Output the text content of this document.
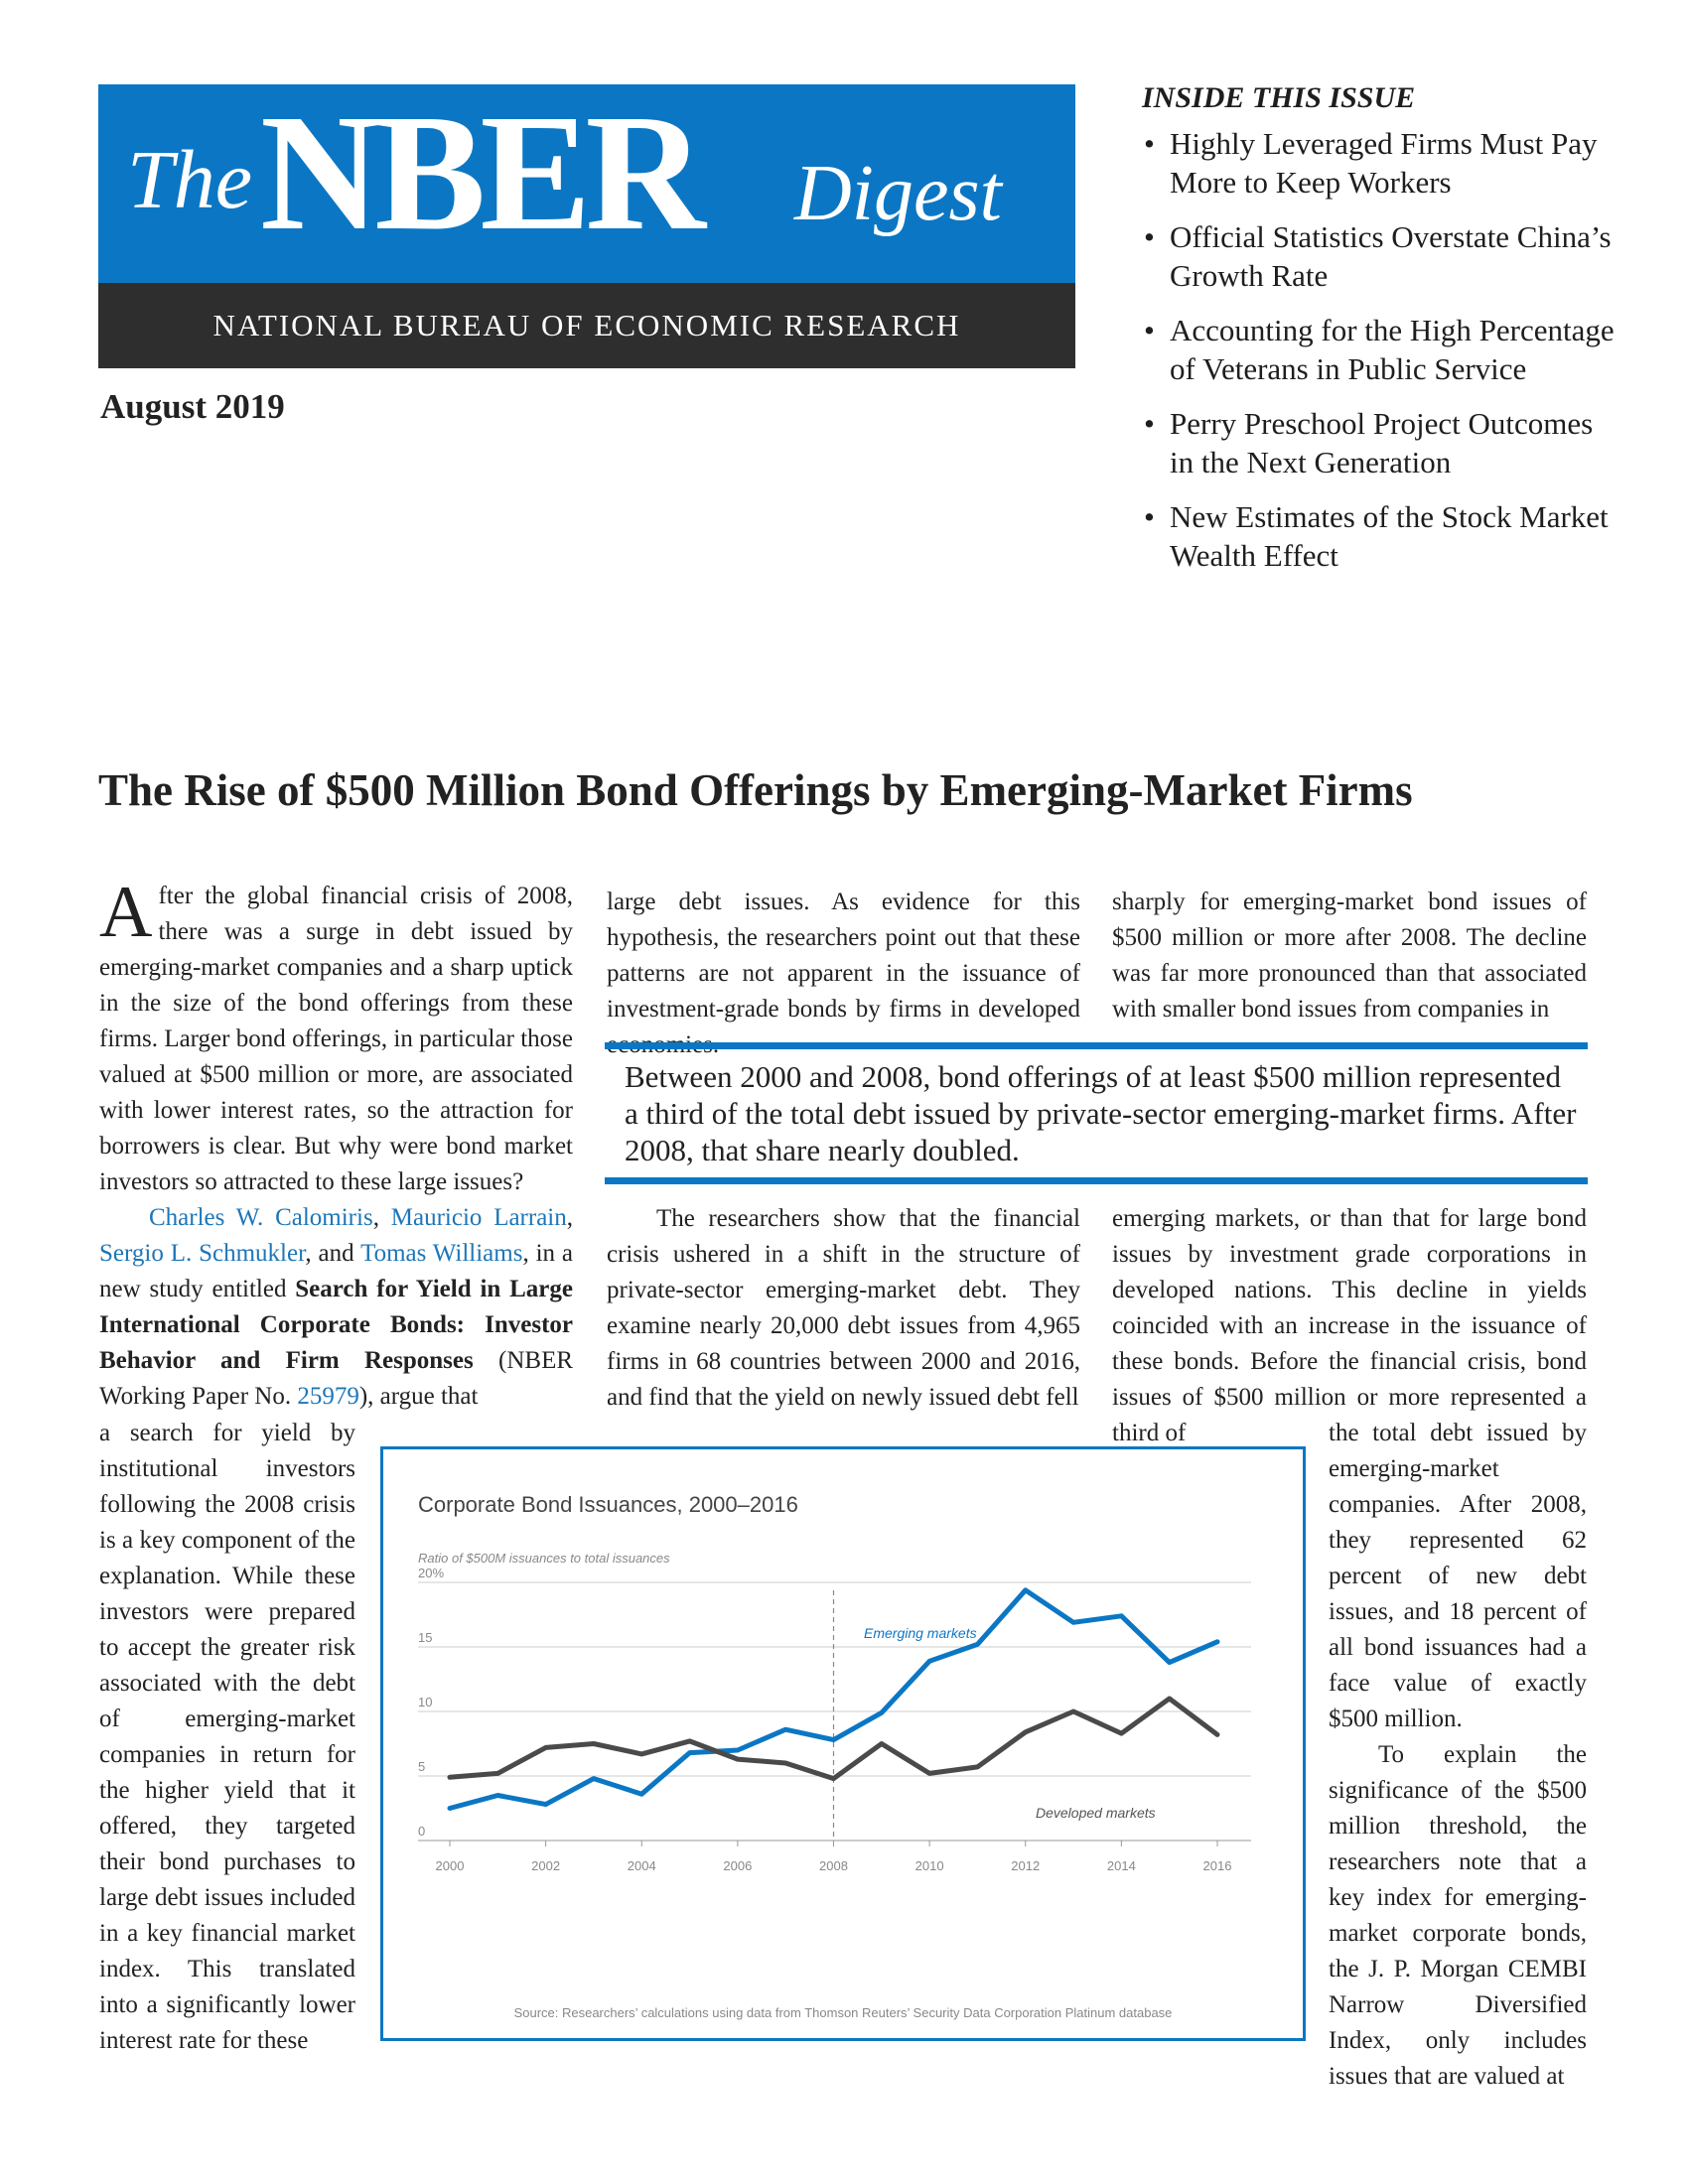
The NBER Digest
NATIONAL BUREAU OF ECONOMIC RESEARCH
August 2019
INSIDE THIS ISSUE
•Highly Leveraged Firms Must Pay More to Keep Workers
•Official Statistics Overstate China’s Growth Rate
•Accounting for the High Percentage of Veterans in Public Service
•Perry Preschool Project Outcomes in the Next Generation
•New Estimates of the Stock Market Wealth Effect
The Rise of $500 Million Bond Offerings by Emerging-Market Firms

After the global financial crisis of 2008, there was a surge in debt issued by emerging-market companies and a sharp uptick in the size of the bond offerings from these firms. Larger bond offerings, in particular those valued at $500 million or more, are associated with lower interest rates, so the attraction for borrowers is clear. But why were bond market investors so attracted to these large issues?

Charles W. Calomiris, Mauricio Larrain, Sergio L. Schmukler, and Tomas Williams, in a new study entitled Search for Yield in Large International Corporate Bonds: Investor Behavior and Firm Responses (NBER Working Paper No. 25979), argue that

a search for yield by institutional investors following the 2008 crisis is a key component of the explanation. While these investors were prepared to accept the greater risk associated with the debt of emerging-market companies in return for the higher yield that it offered, they targeted their bond purchases to large debt issues included in a key financial market index. This translated into a significantly lower interest rate for these
large debt issues. As evidence for this hypothesis, the researchers point out that these patterns are not apparent in the issuance of investment-grade bonds by firms in developed
The researchers show that the financial crisis ushered in a shift in the structure of private-sector emerging-market debt. They examine nearly 20,000 debt issues from 4,965 firms in 68 countries between 2000 and 2016, and find that the yield on newly issued debt fell
sharply for emerging-market bond issues of $500 million or more after 2008. The decline was far more pronounced than that associated with smaller bond issues from companies in
emerging markets, or than that for large bond issues by investment grade corporations in developed nations. This decline in yields coincided with an increase in the issuance of these bonds. Before the financial crisis, bond issues of $500 million or more represented a third of	the total debt issued by emerging-market companies. After 2008, they represented 62 percent of new debt issues, and 18 percent of all bond issuances had a face value of exactly $500 million.

To explain the significance of the $500 million threshold, the researchers note that a key index for emerging-market corporate bonds, the J. P. Morgan CEMBI Narrow Diversified Index, only includes issues that are valued at

Between 2000 and 2008, bond offerings of at least $500 million represented a third of the total debt issued by private-sector emerging-market firms. After 2008, that share nearly doubled.
Corporate Bond Issuances, 2000–2016
Ratio of $500M issuances to total issuances
0
5
10
15
20%
2000	2002	2004	2006	2008	2010	2012	2014	2016
Emerging markets
Developed markets
Source: Researchers’ calculations using data from Thomson Reuters’ Security Data Corporation Platinum database
